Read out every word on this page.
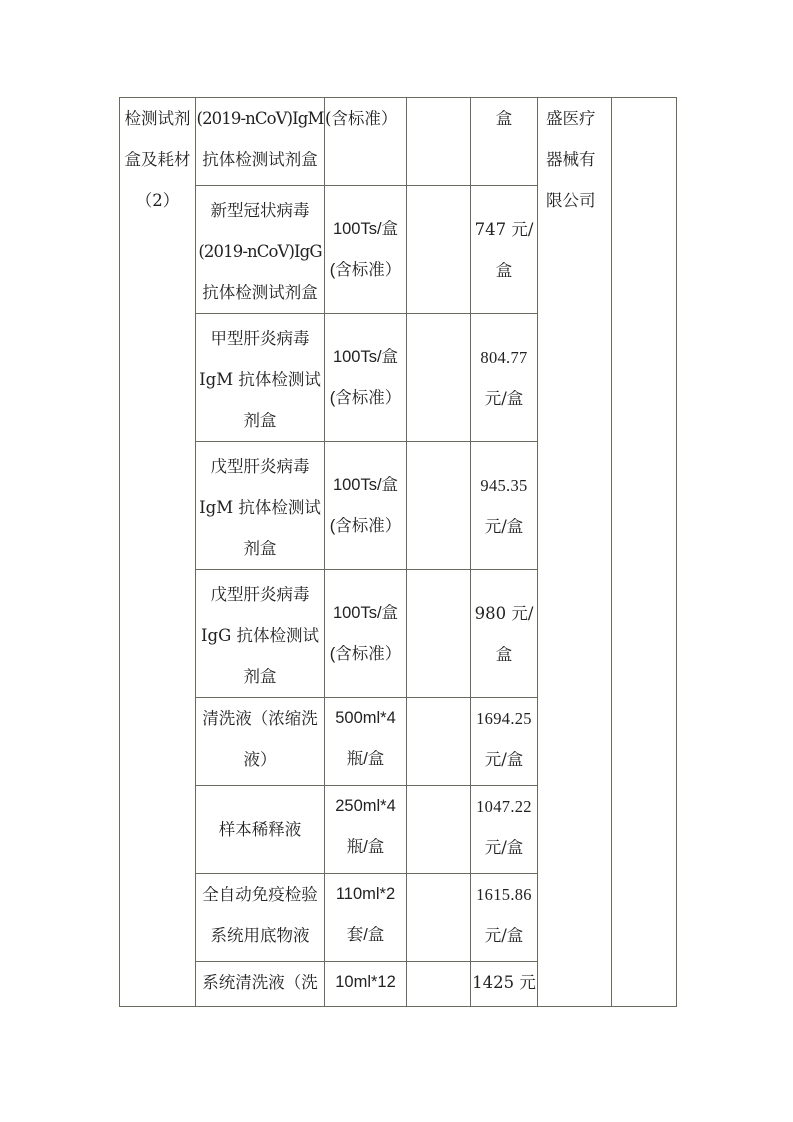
检测试剂
盒及耗材
（2）	(2019-nCoV)IgM
抗体检测试剂盒	(含标准）		盒	盛医疗
器械有
限公司	

	新型冠状病毒
(2019-nCoV)IgG
抗体检测试剂盒	100Ts/盒
(含标准）		747 元/
盒		

	甲型肝炎病毒
IgM 抗体检测试
剂盒	100Ts/盒
(含标准）		804.77
元/盒		

	戊型肝炎病毒
IgM 抗体检测试
剂盒	100Ts/盒
(含标准）		945.35
元/盒		

	戊型肝炎病毒
IgG 抗体检测试
剂盒	100Ts/盒
(含标准）		980 元/
盒		

	清洗液（浓缩洗
液）	500ml*4
瓶/盒		1694.25
元/盒		

	样本稀释液	250ml*4
瓶/盒		1047.22
元/盒		

	全自动免疫检验
系统用底物液	110ml*2
套/盒		1615.86
元/盒		

	系统清洗液（洗	10ml*12		1425 元		
